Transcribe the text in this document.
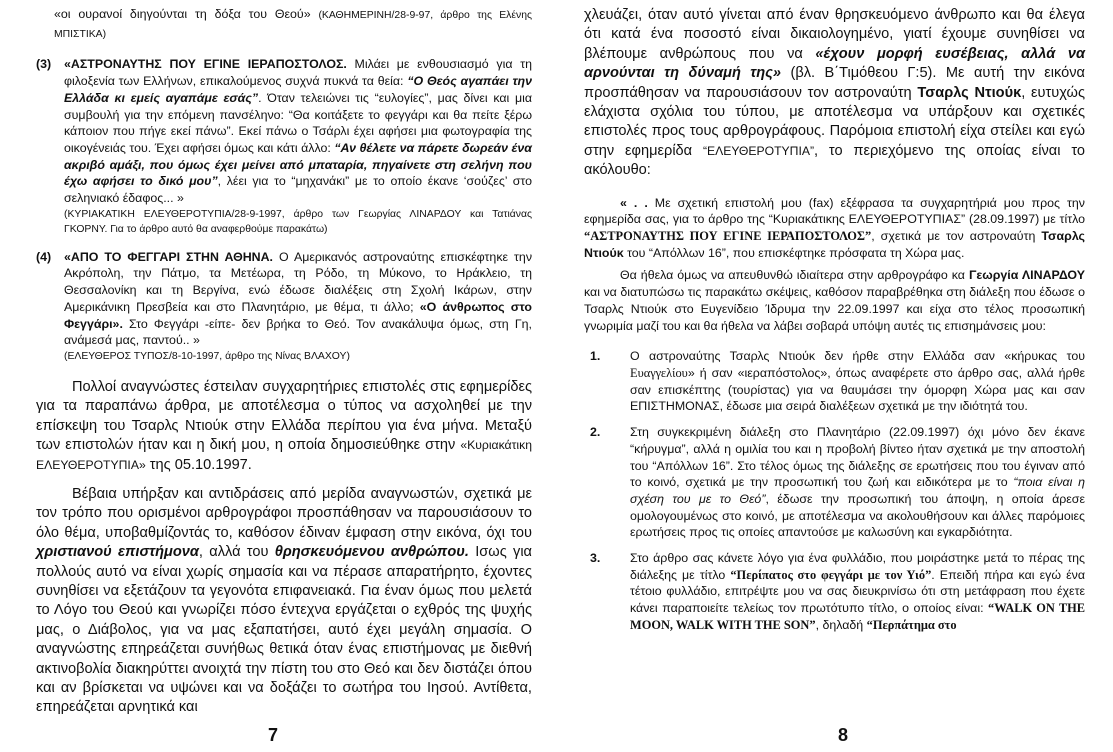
«οι ουρανοί διηγούνται τη δόξα του Θεού» (ΚΑΘΗΜΕΡΙΝΗ/28-9-97, άρθρο της Ελένης ΜΠΙΣΤΙΚΑ)

(3)	«ΑΣΤΡΟΝΑΥΤΗΣ ΠΟΥ ΕΓΙΝΕ ΙΕΡΑΠΟΣΤΟΛΟΣ. Μιλάει με ενθουσιασμό για τη φιλοξενία των Ελλήνων, επικαλούμενος συχνά πυκνά τα θεία: “Ο Θεός αγαπάει την Ελλάδα κι εμείς αγαπάμε εσάς”. Όταν τελειώνει τις “ευλογίες”, μας δίνει και μια συμβουλή για την επόμενη πανσέληνο: “Θα κοιτάξετε το φεγγάρι και θα πείτε ξέρω κάποιον που πήγε εκεί πάνω”. Εκεί πάνω ο Τσάρλι έχει αφήσει μια φωτογραφία της οικογένειάς του. Έχει αφήσει όμως και κάτι άλλο: “Αν θέλετε να πάρετε δωρεάν ένα ακριβό αμάξι, που όμως έχει μείνει από μπαταρία, πηγαίνετε στη σελήνη που έχω αφήσει το δικό μου”, λέει για το “μηχανάκι” με το οποίο έκανε ‘σούζες’ στο σεληνιακό έδαφος... »
(ΚΥΡΙΑΚΑΤΙΚΗ ΕΛΕΥΘΕΡΟΤΥΠΙΑ/28-9-1997, άρθρο των Γεωργίας ΛΙΝΑΡΔΟΥ και Τατιάνας ΓΚΟΡΝΥ. Για το άρθρο αυτό θα αναφερθούμε παρακάτω)
(4)	«ΑΠΟ ΤΟ ΦΕΓΓΑΡΙ ΣΤΗΝ ΑΘΗΝΑ. Ο Αμερικανός αστροναύτης επισκέφτηκε την Ακρόπολη, την Πάτμο, τα Μετέωρα, τη Ρόδο, τη Μύκονο, το Ηράκλειο, τη Θεσσαλονίκη και τη Βεργίνα, ενώ έδωσε διαλέξεις στη Σχολή Ικάρων, στην Αμερικάνικη Πρεσβεία και στο Πλανητάριο, με θέμα, τι άλλο; «Ο άνθρωπος στο Φεγγάρι». Στο Φεγγάρι -είπε- δεν βρήκα το Θεό. Τον ανακάλυψα όμως, στη Γη, ανάμεσά μας, παντού.. »
(ΕΛΕΥΘΕΡΟΣ ΤΥΠΟΣ/8-10-1997, άρθρο της Νίνας ΒΛΑΧΟΥ)

Πολλοί αναγνώστες έστειλαν συγχαρητήριες επιστολές στις εφημερίδες για τα παραπάνω άρθρα, με αποτέλεσμα ο τύπος να ασχοληθεί με την επίσκεψη του Τσαρλς Ντιούκ στην Ελλάδα περίπου για ένα μήνα. Μεταξύ των επιστολών ήταν και η δική μου, η οποία δημοσιεύθηκε στην «Κυριακάτικη ΕΛΕΥΘΕΡΟΤΥΠΙΑ» της 05.10.1997.

Βέβαια υπήρξαν και αντιδράσεις από μερίδα αναγνωστών, σχετικά με τον τρόπο που ορισμένοι αρθρογράφοι προσπάθησαν να παρουσιάσουν το όλο θέμα, υποβαθμίζοντάς το, καθόσον έδιναν έμφαση στην εικόνα, όχι του χριστιανού επιστήμονα, αλλά του θρησκευόμενου ανθρώπου. Ισως για πολλούς αυτό να είναι χωρίς σημασία και να πέρασε απαρατήρητο, έχοντες συνηθίσει να εξετάζουν τα γεγονότα επιφανειακά. Για έναν όμως που μελετά το Λόγο του Θεού και γνωρίζει πόσο έντεχνα εργάζεται ο εχθρός της ψυχής μας, ο Διάβολος, για να μας εξαπατήσει, αυτό έχει μεγάλη σημασία. Ο αναγνώστης επηρεάζεται συνήθως θετικά όταν ένας επιστήμονας με διεθνή ακτινοβολία διακηρύττει ανοιχτά την πίστη του στο Θεό και δεν διστάζει όπου και αν βρίσκεται να υψώνει και να δοξάζει το σωτήρα του Ιησού. Αντίθετα, επηρεάζεται αρνητικά και

7

χλευάζει, όταν αυτό γίνεται από έναν θρησκευόμενο άνθρωπο και θα έλεγα ότι κατά ένα ποσοστό είναι δικαιολογημένο, γιατί έχουμε συνηθίσει να βλέπουμε ανθρώπους που να «έχουν μορφή ευσέβειας, αλλά να αρνούνται τη δύναμή της» (βλ. Β΄Τιμόθεου Γ:5). Με αυτή την εικόνα προσπάθησαν να παρουσιάσουν τον αστροναύτη Τσαρλς Ντιούκ, ευτυχώς ελάχιστα σχόλια του τύπου, με αποτέλεσμα να υπάρξουν και σχετικές επιστολές προς τους αρθρογράφους. Παρόμοια επιστολή είχα στείλει και εγώ στην εφημερίδα “ΕΛΕΥΘΕΡΟΤΥΠΙΑ”, το περιεχόμενο της οποίας είναι το ακόλουθο:

« . . Με σχετική επιστολή μου (fax) εξέφρασα τα συγχαρητήριά μου προς την εφημερίδα σας, για το άρθρο της “Κυριακάτικης ΕΛΕΥΘΕΡΟΤΥΠΙΑΣ” (28.09.1997) με τίτλο “ΑΣΤΡΟΝΑΥΤΗΣ ΠΟΥ ΕΓΙΝΕ ΙΕΡΑΠΟΣΤΟΛΟΣ”, σχετικά με τον αστροναύτη Τσαρλς Ντιούκ του “Απόλλων 16”, που επισκέφτηκε πρόσφατα τη Χώρα μας.

Θα ήθελα όμως να απευθυνθώ ιδιαίτερα στην αρθρογράφο κα Γεωργία ΛΙΝΑΡΔΟΥ και να διατυπώσω τις παρακάτω σκέψεις, καθόσον παραβρέθηκα στη διάλεξη που έδωσε ο Τσαρλς Ντιούκ στο Ευγενίδειο Ίδρυμα την 22.09.1997 και είχα στο τέλος προσωπική γνωριμία μαζί του και θα ήθελα να λάβει σοβαρά υπόψη αυτές τις επισημάνσεις μου:

1.	Ο αστροναύτης Τσαρλς Ντιούκ δεν ήρθε στην Ελλάδα σαν «κήρυκας του Ευαγγελίου» ή σαν «ιεραπόστολος», όπως αναφέρετε στο άρθρο σας, αλλά ήρθε σαν επισκέπτης (τουρίστας) για να θαυμάσει την όμορφη Χώρα μας και σαν ΕΠΙΣΤΗΜΟΝΑΣ, έδωσε μια σειρά διαλέξεων σχετικά με την ιδιότητά του.
2.	Στη συγκεκριμένη διάλεξη στο Πλανητάριο (22.09.1997) όχι μόνο δεν έκανε “κήρυγμα”, αλλά η ομιλία του και η προβολή βίντεο ήταν σχετικά με την αποστολή του “Απόλλων 16”. Στο τέλος όμως της διάλεξης σε ερωτήσεις που του έγιναν από το κοινό, σχετικά με την προσωπική του ζωή και ειδικότερα με το “ποια είναι η σχέση του με το Θεό”, έδωσε την προσωπική του άποψη, η οποία άρεσε ομολογουμένως στο κοινό, με αποτέλεσμα να ακολουθήσουν και άλλες παρόμοιες ερωτήσεις προς τις οποίες απαντούσε με καλωσύνη και εγκαρδιότητα.
3.	Στο άρθρο σας κάνετε λόγο για ένα φυλλάδιο, που μοιράστηκε μετά το πέρας της διάλεξης με τίτλο “Περίπατος στο φεγγάρι με τον Υιό”. Επειδή πήρα και εγώ ένα τέτοιο φυλλάδιο, επιτρέψτε μου να σας διευκρινίσω ότι στη μετάφραση που έχετε κάνει παραποιείτε τελείως τον πρωτότυπο τίτλο, ο οποίος είναι: “WALK ON THE MOON, WALK WITH THE SON”, δηλαδή “Περπάτημα στο
8
